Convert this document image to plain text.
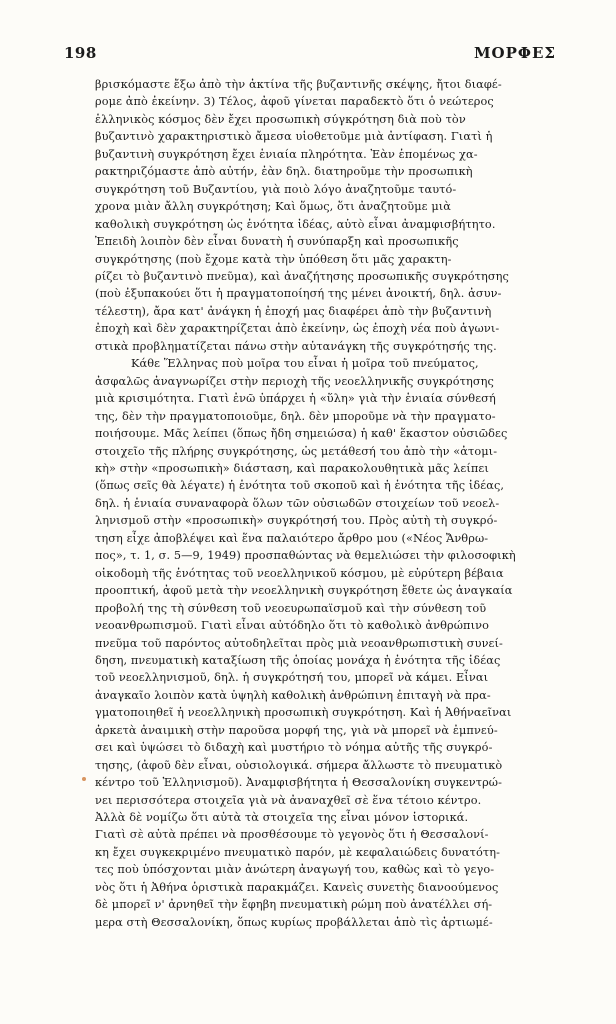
198	ΜΟΡΦΕΣ
βρισκόμαστε ἔξω ἀπὸ τὴν ἀκτίνα τῆς βυζαντινῆς σκέψης, ἤτοι διαφέ-
ρομε ἀπὸ ἐκείνην. 3) Τέλος, ἀφοῦ γίνεται παραδεκτὸ ὅτι ὁ νεώτερος
ἑλληνικὸς κόσμος δὲν ἔχει προσωπικὴ σύγκρότηση διὰ ποὺ τὸν
βυζαντινὸ χαρακτηριστικὸ ἄμεσα υἱοθετοῦμε μιὰ ἀντίφαση. Γιατὶ ἡ
βυζαντινὴ συγκρότηση ἔχει ἑνιαία πληρότητα. Ἐὰν ἑπομένως χα-
ρακτηριζόμαστε ἀπὸ αὐτήν, ἐὰν δηλ. διατηροῦμε τὴν προσωπικὴ
συγκρότηση τοῦ Βυζαντίου, γιὰ ποιὸ λόγο ἀναζητοῦμε ταυτό-
χρονα μιὰν ἄλλη συγκρότηση; Καὶ ὅμως, ὅτι ἀναζητοῦμε μιὰ
καθολικὴ συγκρότηση ὡς ἑνότητα ἰδέας, αὐτὸ εἶναι ἀναμφισβήτητο.
Ἐπειδὴ λοιπὸν δὲν εἶναι δυνατὴ ἡ συνύπαρξη καὶ προσωπικῆς
συγκρότησης (ποὺ ἔχομε κατὰ τὴν ὑπόθεση ὅτι μᾶς χαρακτη-
ρίζει τὸ βυζαντινὸ πνεῦμα), καὶ ἀναζήτησης προσωπικῆς συγκρότησης
(ποὺ ἐξυπακούει ὅτι ἡ πραγματοποίησή της μένει ἀνοικτή, δηλ. ἀσυν-
τέλεστη), ἄρα κατ' ἀνάγκη ἡ ἐποχή μας διαφέρει ἀπὸ τὴν βυζαντινὴ
ἐποχὴ καὶ δὲν χαρακτηρίζεται ἀπὸ ἐκείνην, ὡς ἐποχὴ νέα ποὺ ἀγωνι-
στικὰ προβληματίζεται πάνω στὴν αὐτανάγκη τῆς συγκρότησής της.
Κάθε Ἕλληνας ποὺ μοῖρα του εἶναι ἡ μοῖρα τοῦ πνεύματος,
ἀσφαλῶς ἀναγνωρίζει στὴν περιοχὴ τῆς νεοελληνικῆς συγκρότησης
μιὰ κρισιμότητα. Γιατὶ ἐνῶ ὑπάρχει ἡ «ὕλη» γιὰ τὴν ἑνιαία σύνθεσή
της, δὲν τὴν πραγματοποιοῦμε, δηλ. δὲν μποροῦμε νὰ τὴν πραγματο-
ποιήσουμε. Μᾶς λείπει (ὅπως ἤδη σημειώσα) ἡ καθ' ἕκαστον οὐσιῶδες
στοιχεῖο τῆς πλήρης συγκρότησης, ὡς μετάθεσή του ἀπὸ τὴν «ἀτομι-
κὴ» στὴν «προσωπικὴ» διάσταση, καὶ παρακολουθητικὰ μᾶς λείπει
(ὅπως σεῖς θὰ λέγατε) ἡ ἑνότητα τοῦ σκοποῦ καὶ ἡ ἑνότητα τῆς ἰδέας,
δηλ. ἡ ἑνιαία συναναφορὰ ὅλων τῶν οὐσιωδῶν στοιχείων τοῦ νεοελ-
ληνισμοῦ στὴν «προσωπικὴ» συγκρότησή του. Πρὸς αὐτὴ τὴ συγκρό-
τηση εἶχε ἀποβλέψει καὶ ἕνα παλαιότερο ἄρθρο μου («Νέος Ἄνθρω-
πος», τ. 1, σ. 5—9, 1949) προσπαθώντας νὰ θεμελιώσει τὴν φιλοσοφικὴ
οἰκοδομὴ τῆς ἑνότητας τοῦ νεοελληνικοῦ κόσμου, μὲ εὐρύτερη βέβαια
προοπτική, ἀφοῦ μετὰ τὴν νεοελληνικὴ συγκρότηση ἔθετε ὡς ἀναγκαία
προβολή της τὴ σύνθεση τοῦ νεοευρωπαϊσμοῦ καὶ τὴν σύνθεση τοῦ
νεοανθρωπισμοῦ. Γιατὶ εἶναι αὐτόδηλο ὅτι τὸ καθολικὸ ἀνθρώπινο
πνεῦμα τοῦ παρόντος αὐτοδηλεῖται πρὸς μιὰ νεοανθρωπιστικὴ συνεί-
δηση, πνευματικὴ καταξίωση τῆς ὁποίας μονάχα ἡ ἑνότητα τῆς ἰδέας
τοῦ νεοελληνισμοῦ, δηλ. ἡ συγκρότησή του, μπορεῖ νὰ κάμει. Εἶναι
ἀναγκαῖο λοιπὸν κατὰ ὑψηλὴ καθολικὴ ἀνθρώπινη ἐπιταγὴ νὰ πρα-
γματοποιηθεῖ ἡ νεοελληνικὴ προσωπικὴ συγκρότηση. Καὶ ἡ Ἀθήναεῖναι
ἀρκετὰ ἀναιμικὴ στὴν παροῦσα μορφή της, γιὰ νὰ μπορεῖ νὰ ἐμπνεύ-
σει καὶ ὑψώσει τὸ διδαχὴ καὶ μυστήριο τὸ νόημα αὐτῆς τῆς συγκρό-
τησης, (ἀφοῦ δὲν εἶναι, οὐσιολογικά. σήμερα ἄλλωστε τὸ πνευματικὸ
κέντρο τοῦ Ἑλληνισμοῦ). Ἀναμφισβήτητα ἡ Θεσσαλονίκη συγκεντρώ-
νει περισσότερα στοιχεῖα γιὰ νὰ ἀναναχθεῖ σὲ ἕνα τέτοιο κέντρο.
Ἀλλὰ δὲ νομίζω ὅτι αὐτὰ τὰ στοιχεῖα της εἶναι μόνον ἱστορικά.
Γιατὶ σὲ αὐτὰ πρέπει νὰ προσθέσουμε τὸ γεγονὸς ὅτι ἡ Θεσσαλονί-
κη ἔχει συγκεκριμένο πνευματικὸ παρόν, μὲ κεφαλαιώδεις δυνατότη-
τες ποὺ ὑπόσχονται μιὰν ἀνώτερη ἀναγωγή του, καθὼς καὶ τὸ γεγο-
νὸς ὅτι ἡ Ἀθήνα ὁριστικὰ παρακμάζει. Κανεὶς συνετὴς διανοούμενος
δὲ μπορεῖ ν' ἀρνηθεῖ τὴν ἔφηβη πνευματικὴ ρώμη ποὺ ἀνατέλλει σή-
μερα στὴ Θεσσαλονίκη, ὅπως κυρίως προβάλλεται ἀπὸ τὶς ἀρτιωμέ-
